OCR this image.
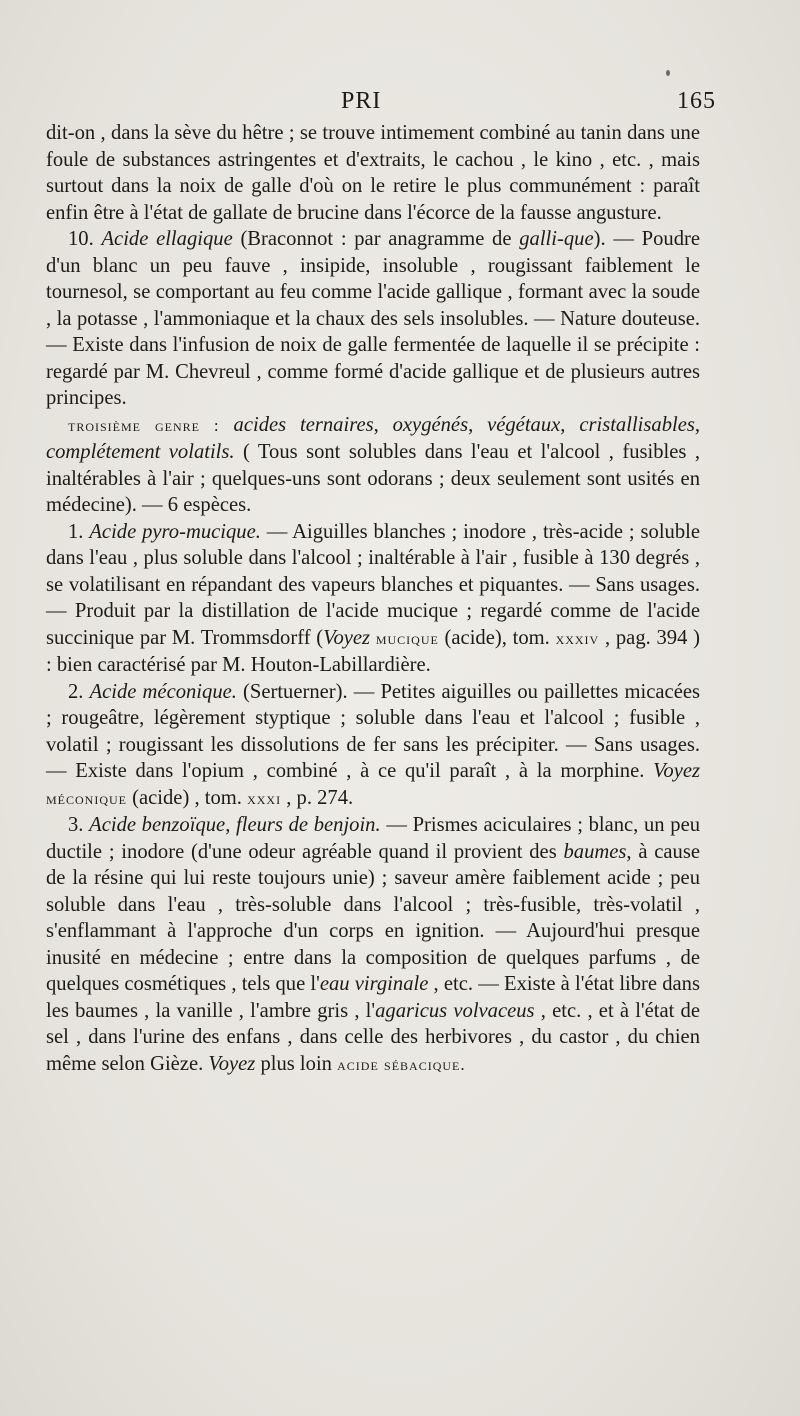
PRI	165

dit-on , dans la sève du hêtre ; se trouve intimement combiné au tanin dans une foule de substances astringentes et d'extraits, le cachou , le kino , etc. , mais surtout dans la noix de galle d'où on le retire le plus communément : paraît enfin être à l'état de gallate de brucine dans l'écorce de la fausse angusture.

10. Acide ellagique (Braconnot : par anagramme de galli-que). — Poudre d'un blanc un peu fauve , insipide, insoluble , rougissant faiblement le tournesol, se comportant au feu comme l'acide gallique , formant avec la soude , la potasse , l'ammoniaque et la chaux des sels insolubles. — Nature douteuse. — Existe dans l'infusion de noix de galle fermentée de laquelle il se précipite : regardé par M. Chevreul , comme formé d'acide gallique et de plusieurs autres principes.

troisième genre : acides ternaires, oxygénés, végétaux, cristallisables, complétement volatils. ( Tous sont solubles dans l'eau et l'alcool , fusibles , inaltérables à l'air ; quelques-uns sont odorans ; deux seulement sont usités en médecine). — 6 espèces.

1. Acide pyro-mucique. — Aiguilles blanches ; inodore , très-acide ; soluble dans l'eau , plus soluble dans l'alcool ; inaltérable à l'air , fusible à 130 degrés , se volatilisant en répandant des vapeurs blanches et piquantes. — Sans usages. — Produit par la distillation de l'acide mucique ; regardé comme de l'acide succinique par M. Trommsdorff (Voyez mucique (acide), tom. xxxiv , pag. 394 ) : bien caractérisé par M. Houton-Labillardière.

2. Acide méconique. (Sertuerner). — Petites aiguilles ou paillettes micacées ; rougeâtre, légèrement styptique ; soluble dans l'eau et l'alcool ; fusible , volatil ; rougissant les dissolutions de fer sans les précipiter. — Sans usages. — Existe dans l'opium , combiné , à ce qu'il paraît , à la morphine. Voyez méconique (acide) , tom. xxxi , p. 274.

3. Acide benzoïque, fleurs de benjoin. — Prismes aciculaires ; blanc, un peu ductile ; inodore (d'une odeur agréable quand il provient des baumes, à cause de la résine qui lui reste toujours unie) ; saveur amère faiblement acide ; peu soluble dans l'eau , très-soluble dans l'alcool ; très-fusible, très-volatil , s'enflammant à l'approche d'un corps en ignition. — Aujourd'hui presque inusité en médecine ; entre dans la composition de quelques parfums , de quelques cosmétiques , tels que l'eau virginale , etc. — Existe à l'état libre dans les baumes , la vanille , l'ambre gris , l'agaricus volvaceus , etc. , et à l'état de sel , dans l'urine des enfans , dans celle des herbivores , du castor , du chien même selon Gièze. Voyez plus loin acide sébacique.
